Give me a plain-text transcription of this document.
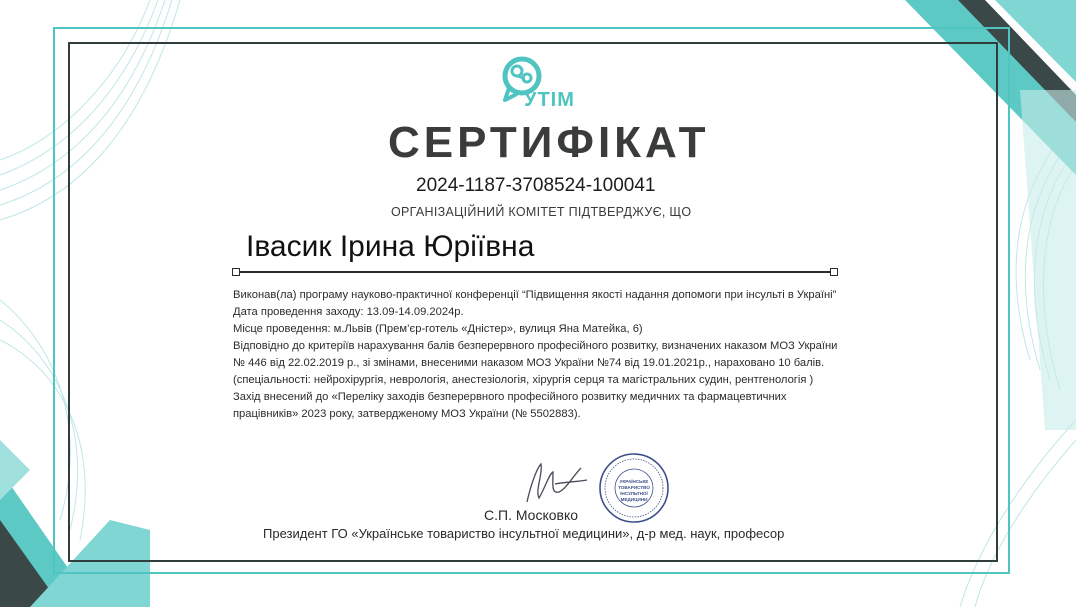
УТІМ
СЕРТИФІКАТ
2024-1187-3708524-100041
ОРГАНІЗАЦІЙНИЙ КОМІТЕТ ПІДТВЕРДЖУЄ, ЩО
Івасик Ірина Юріївна
Виконав(ла) програму науково-практичної конференції “Підвищення якості надання допомоги при інсульті в Україні”
Дата проведення заходу: 13.09-14.09.2024р.
Місце проведення: м.Львів (Прем’єр-готель «Дністер», вулиця Яна Матейка, 6)
Відповідно до критеріїв нарахування балів безперервного професійного розвитку, визначених наказом МОЗ України
№ 446 від 22.02.2019 р., зі змінами, внесеними наказом МОЗ України №74 від 19.01.2021р., нараховано 10 балів.
(спеціальності: нейрохірургія, неврологія, анестезіологія, хірургія серця та магістральних судин, рентгенологія )
Захід внесений до «Переліку заходів безперервного професійного розвитку медичних та фармацевтичних
працівників» 2023 року, затвердженому МОЗ України (№ 5502883).
УКРАЇНСЬКЕ
ТОВАРИСТВО
ІНСУЛЬТНОЇ
МЕДИЦИНИ
С.П. Московко
Президент ГО «Українське товариство інсультної медицини», д-р мед. наук, професор
